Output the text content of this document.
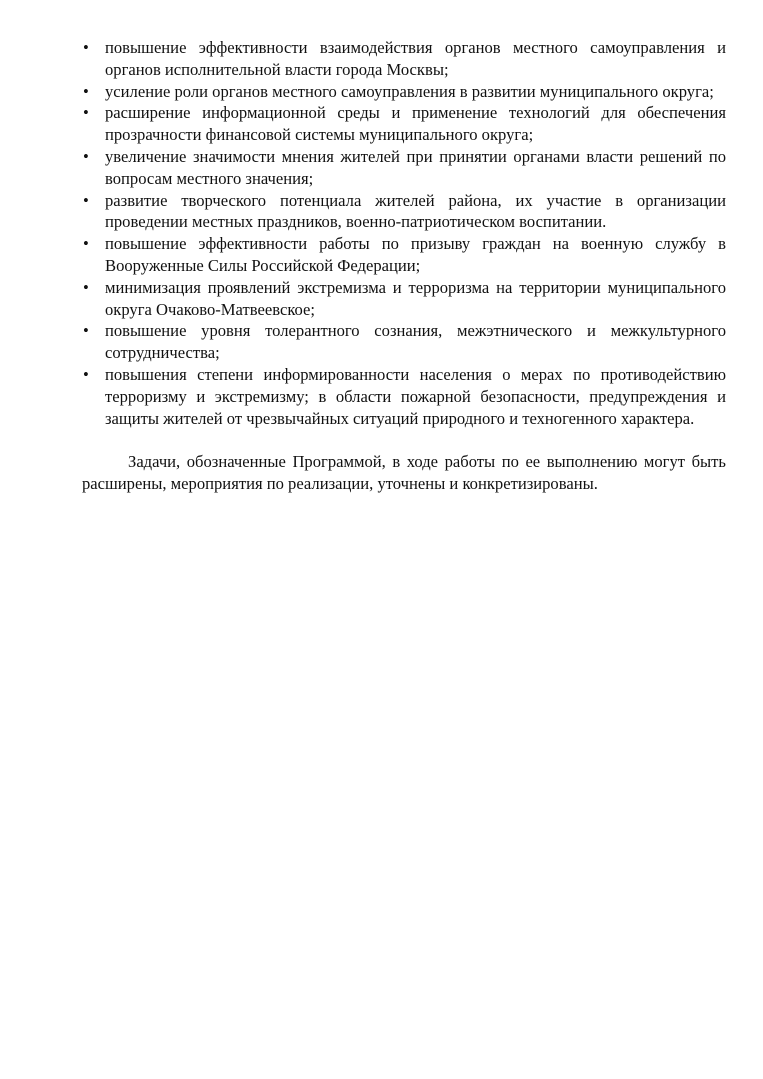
• повышение эффективности взаимодействия органов местного самоуправления и органов исполнительной власти города Москвы;
• усиление роли органов местного самоуправления в развитии муниципального округа;
• расширение информационной среды и применение технологий для обеспечения прозрачности финансовой системы муниципального округа;
• увеличение значимости мнения жителей при принятии органами власти решений по вопросам местного значения;
• развитие творческого потенциала жителей района, их участие в организации проведении местных праздников, военно-патриотическом воспитании.
• повышение эффективности работы по призыву граждан на военную службу в Вооруженные Силы Российской Федерации;
• минимизация проявлений экстремизма и терроризма на территории муниципального округа Очаково-Матвеевское;
• повышение уровня толерантного сознания, межэтнического и межкультурного сотрудничества;
• повышения степени информированности населения о мерах по противодействию терроризму и экстремизму; в области пожарной безопасности, предупреждения и защиты жителей от чрезвычайных ситуаций природного и техногенного характера.

Задачи, обозначенные Программой, в ходе работы по ее выполнению могут быть расширены, мероприятия по реализации, уточнены и конкретизированы.
